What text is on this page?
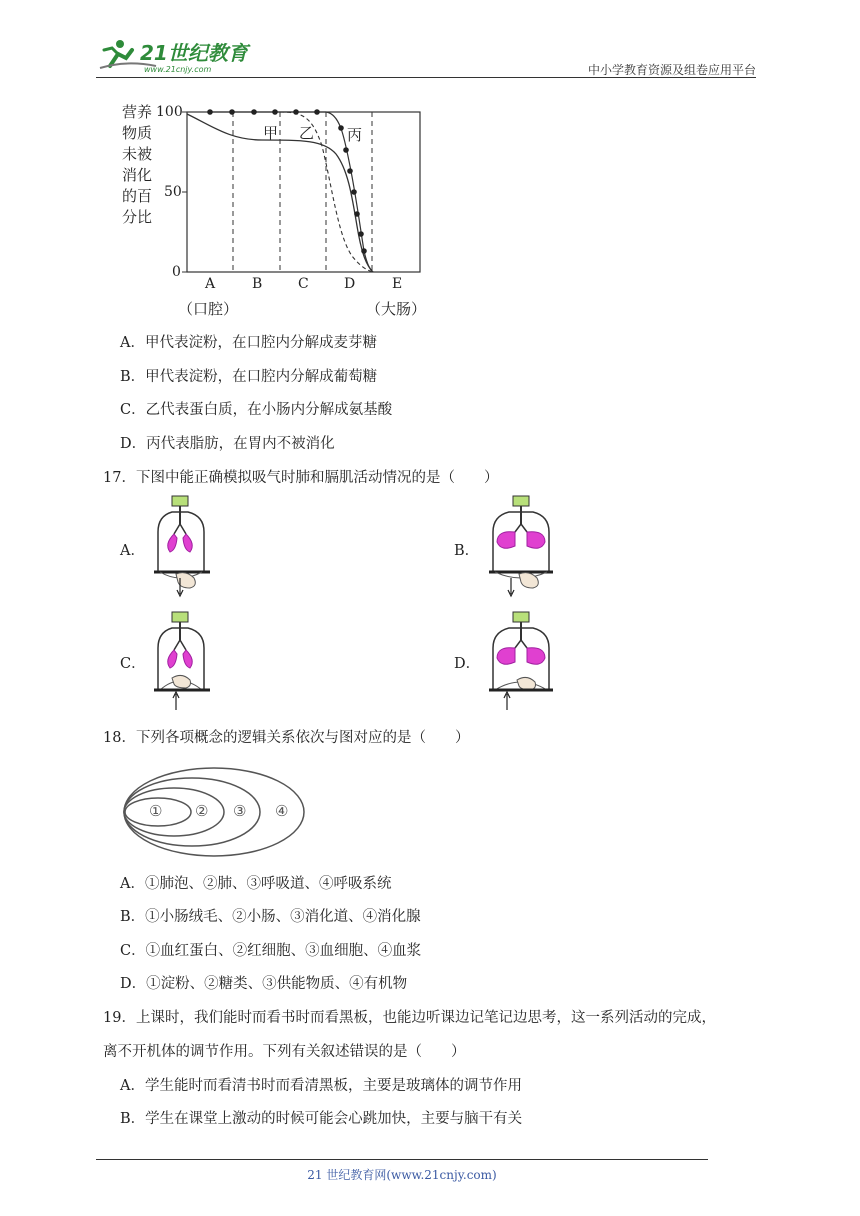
21世纪教育
www.21cnjy.com	中小学教育资源及组卷应用平台
营养
物质
未被
消化
的百
分比
100
50
0
甲 乙 丙
A	B	C	D	E
（口腔）	（大肠）
A．甲代表淀粉，在口腔内分解成麦芽糖
B．甲代表淀粉，在口腔内分解成葡萄糖
C．乙代表蛋白质，在小肠内分解成氨基酸
D．丙代表脂肪，在胃内不被消化
17．下图中能正确模拟吸气时肺和膈肌活动情况的是（　　）
A．	B．
C．	D．
18．下列各项概念的逻辑关系依次与图对应的是（　　）
① ② ③ ④
A．①肺泡、②肺、③呼吸道、④呼吸系统
B．①小肠绒毛、②小肠、③消化道、④消化腺
C．①血红蛋白、②红细胞、③血细胞、④血浆
D．①淀粉、②糖类、③供能物质、④有机物
19．上课时，我们能时而看书时而看黑板，也能边听课边记笔记边思考，这一系列活动的完成，
离不开机体的调节作用。下列有关叙述错误的是（　　）
A．学生能时而看清书时而看清黑板，主要是玻璃体的调节作用
B．学生在课堂上激动的时候可能会心跳加快，主要与脑干有关
21 世纪教育网(www.21cnjy.com)
